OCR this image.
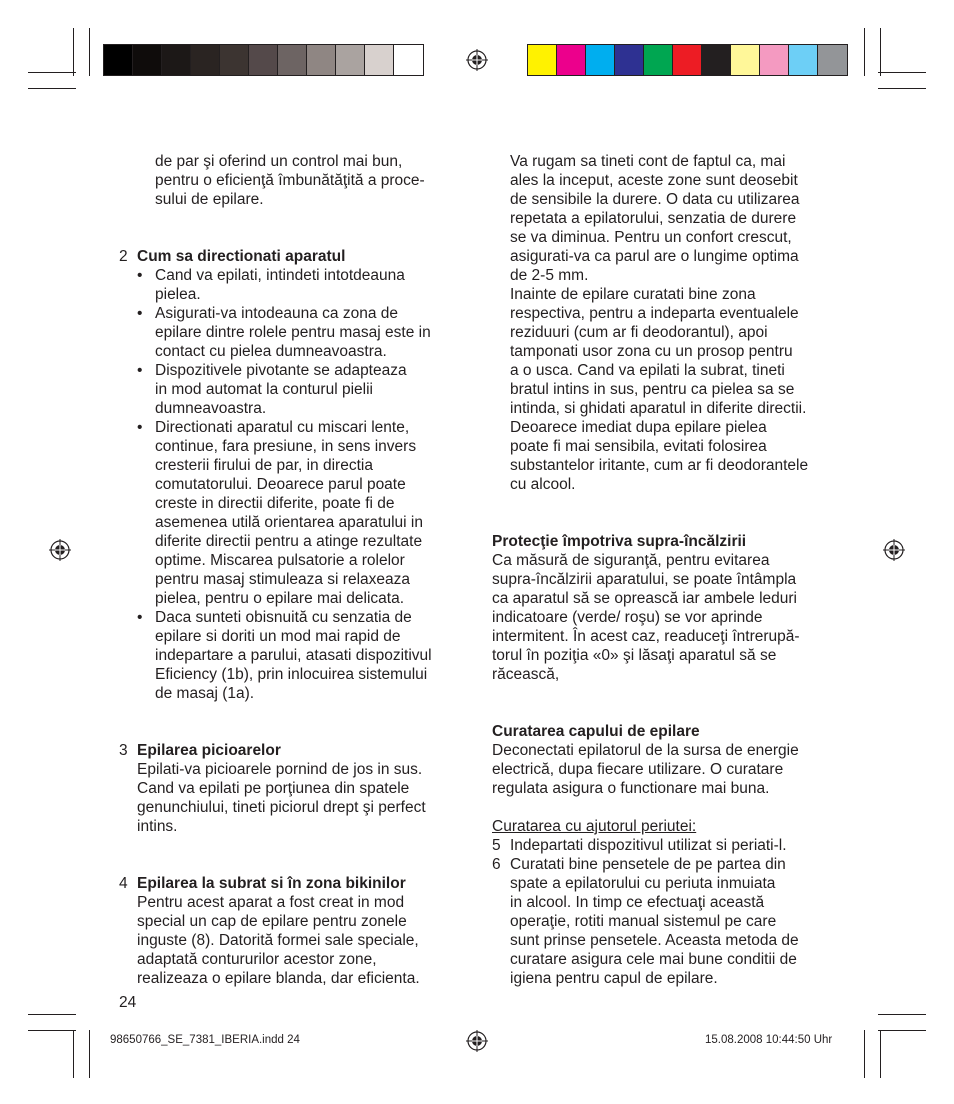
de par şi oferind un control mai bun,
pentru o eficienţă îmbunătăţită a proce-
sului de epilare.

2 Cum sa directionati aparatul
• Cand va epilati, intindeti intotdeauna
pielea.
• Asigurati-va intodeauna ca zona de
epilare dintre rolele pentru masaj este in
contact cu pielea dumneavoastra.
• Dispozitivele pivotante se adapteaza
in mod automat la conturul pielii
dumneavoastra.
• Directionati aparatul cu miscari lente,
continue, fara presiune, in sens invers
cresterii firului de par, in directia
comutatorului. Deoarece parul poate
creste in directii diferite, poate fi de
asemenea utilă orientarea aparatului in
diferite directii pentru a atinge rezultate
optime. Miscarea pulsatorie a rolelor
pentru masaj stimuleaza si relaxeaza
pielea, pentru o epilare mai delicata.
• Daca sunteti obisnuită cu senzatia de
epilare si doriti un mod mai rapid de
indepartare a parului, atasati dispozitivul
Eficiency (1b), prin inlocuirea sistemului
de masaj (1a).
3 Epilarea picioarelor

Epilati-va picioarele pornind de jos in sus.
Cand va epilati pe porţiunea din spatele
genunchiului, tineti piciorul drept şi perfect
intins.

4 Epilarea la subrat si în zona bikinilor

Pentru acest aparat a fost creat in mod
special un cap de epilare pentru zonele
inguste (8). Datorită formei sale speciale,
adaptată contururilor acestor zone,
realizeaza o epilare blanda, dar eficienta.

24

Va rugam sa tineti cont de faptul ca, mai
ales la inceput, aceste zone sunt deosebit
de sensibile la durere. O data cu utilizarea
repetata a epilatorului, senzatia de durere
se va diminua. Pentru un confort crescut,
asigurati-va ca parul are o lungime optima
de 2-5 mm.

Inainte de epilare curatati bine zona
respectiva, pentru a indeparta eventualele
reziduuri (cum ar fi deodorantul), apoi
tamponati usor zona cu un prosop pentru
a o usca. Cand va epilati la subrat, tineti
bratul intins in sus, pentru ca pielea sa se
intinda, si ghidati aparatul in diferite directii.
Deoarece imediat dupa epilare pielea
poate fi mai sensibila, evitati folosirea
substantelor iritante, cum ar fi deodorantele
cu alcool.

Protecţie împotriva supra-încălzirii

Ca măsură de siguranţă, pentru evitarea
supra-încălzirii aparatului, se poate întâmpla
ca aparatul să se oprească iar ambele leduri
indicatoare (verde/ roşu) se vor aprinde
intermitent. În acest caz, readuceţi întrerupă-
torul în poziţia «0» şi lăsaţi aparatul să se
răcească,

Curatarea capului de epilare

Deconectati epilatorul de la sursa de energie
electrică, dupa fiecare utilizare. O curatare
regulata asigura o functionare mai buna.

Curatarea cu ajutorul periutei:
5 Indepartati dispozitivul utilizat si periati-l.
6 Curatati bine pensetele de pe partea din
spate a epilatorului cu periuta inmuiata
in alcool. In timp ce efectuaţi această
operaţie, rotiti manual sistemul pe care
sunt prinse pensetele. Aceasta metoda de
curatare asigura cele mai bune conditii de
igiena pentru capul de epilare.
98650766_SE_7381_IBERIA.indd 24	15.08.2008 10:44:50 Uhr
